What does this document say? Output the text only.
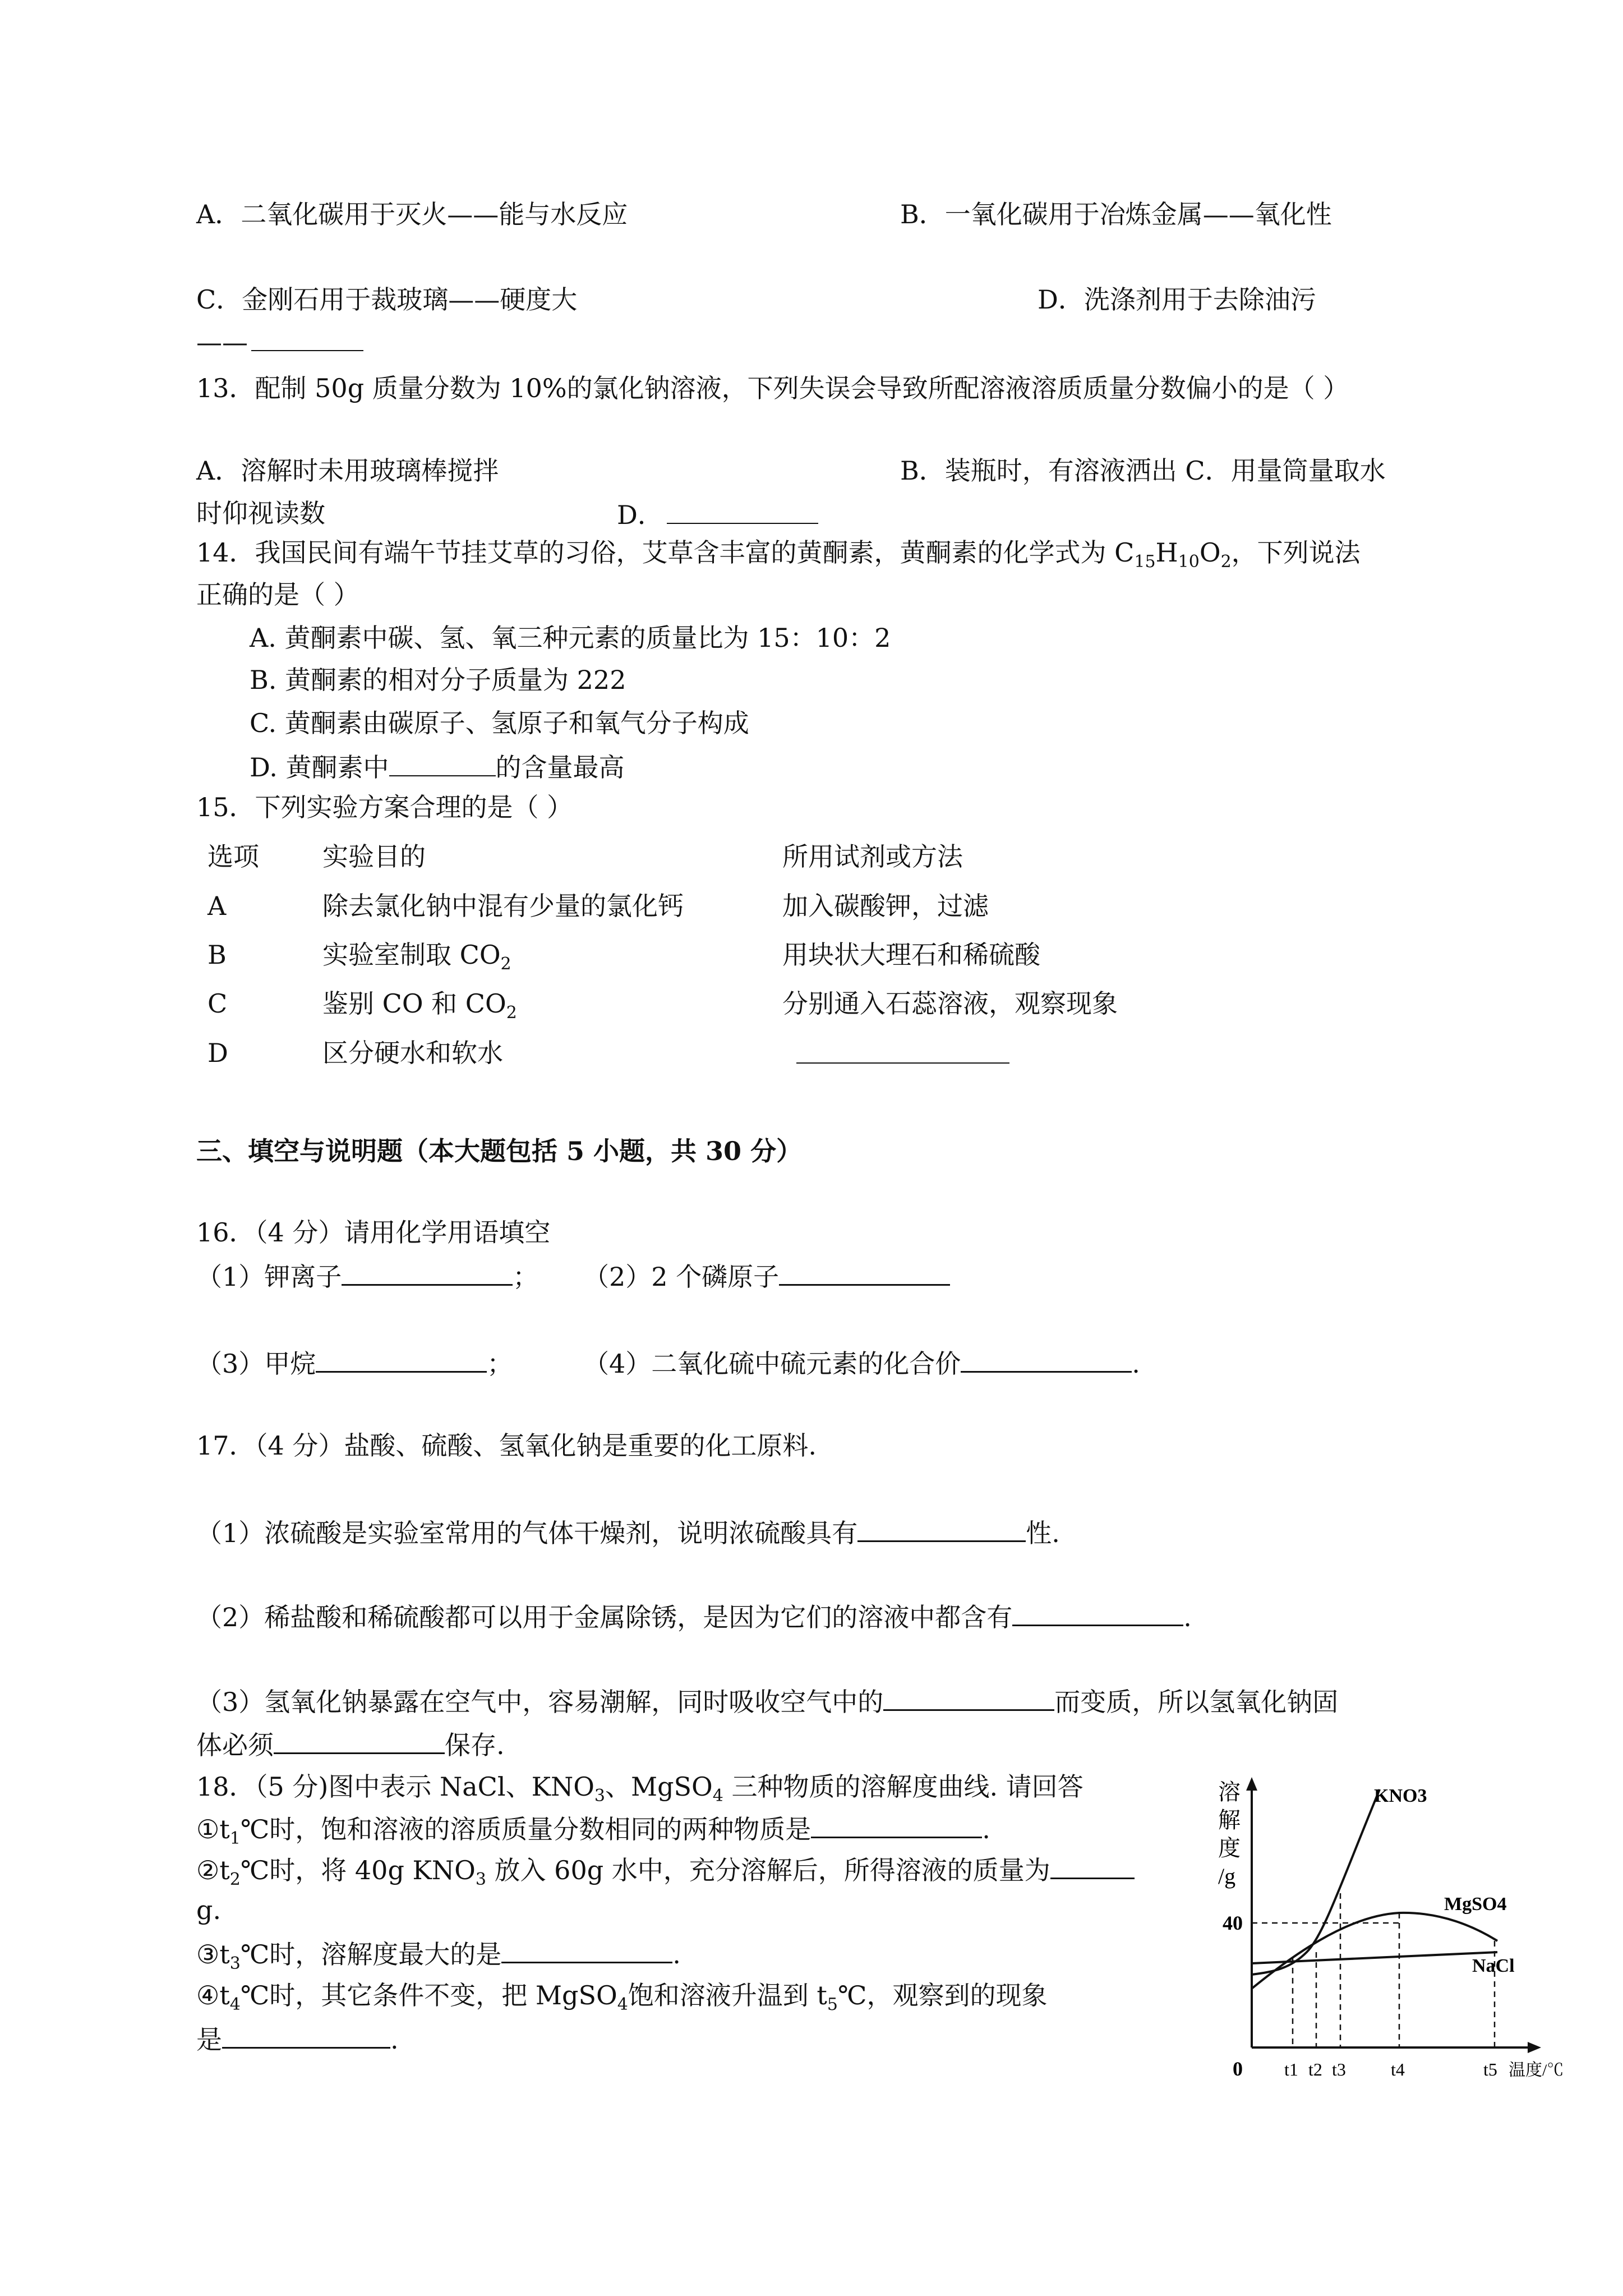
A．二氧化碳用于灭火——能与水反应	B．一氧化碳用于冶炼金属——氧化性
C．金刚石用于裁玻璃——硬度大	D．洗涤剂用于去除油污
——
13．配制 50g 质量分数为 10%的氯化钠溶液，下列失误会导致所配溶液溶质质量分数偏小的是（ ）
A．溶解时未用玻璃棒搅拌	B．装瓶时，有溶液洒出 C．用量筒量取水
时仰视读数	D．
14．我国民间有端午节挂艾草的习俗，艾草含丰富的黄酮素，黄酮素的化学式为 $C_{15}H_{10}O_2$，下列说法
正确的是（ ）
A. 黄酮素中碳、氢、氧三种元素的质量比为 15：10：2
B. 黄酮素的相对分子质量为 222
C. 黄酮素由碳原子、氢原子和氧气分子构成
D. 黄酮素中	的含量最高
15．下列实验方案合理的是（ ）
选项 实验目的	所用试剂或方法
A	除去氯化钠中混有少量的氯化钙	加入碳酸钾，过滤
B	实验室制取 $CO_2$	用块状大理石和稀硫酸
C	鉴别 CO 和 $CO_2$	分别通入石蕊溶液，观察现象
D	区分硬水和软水
三、填空与说明题（本大题包括 5 小题，共 30 分）
16．（4 分）请用化学用语填空
（1）钾离子	； （2）2 个磷原子
（3）甲烷	；	（4）二氧化硫中硫元素的化合价	.
17．（4 分）盐酸、硫酸、氢氧化钠是重要的化工原料.
（1）浓硫酸是实验室常用的气体干燥剂，说明浓硫酸具有	性.
（2）稀盐酸和稀硫酸都可以用于金属除锈，是因为它们的溶液中都含有	.
（3）氢氧化钠暴露在空气中，容易潮解，同时吸收空气中的	而变质，所以氢氧化钠固
体必须	保存.
18．（5 分)图中表示 NaCl、$KNO_3$、MgSO$_4$ 三种物质的溶解度曲线. 请回答
$①t_1℃$时，饱和溶液的溶质质量分数相同的两种物质是	.
$②t_2℃$时，将 40g $KNO_3$ 放入 60g 水中，充分溶解后，所得溶液的质量为
g.
$③t_3℃$时，溶解度最大的是	.
$④t_4℃$时，其它条件不变，把 MgSO$_4$饱和溶液升温到 $t_5℃$，观察到的现象
是	.
溶
解
度
/g
KNO3
MgSO4
NaCl
40
0 t1 t2 t3	t4	t5 温度/℃
